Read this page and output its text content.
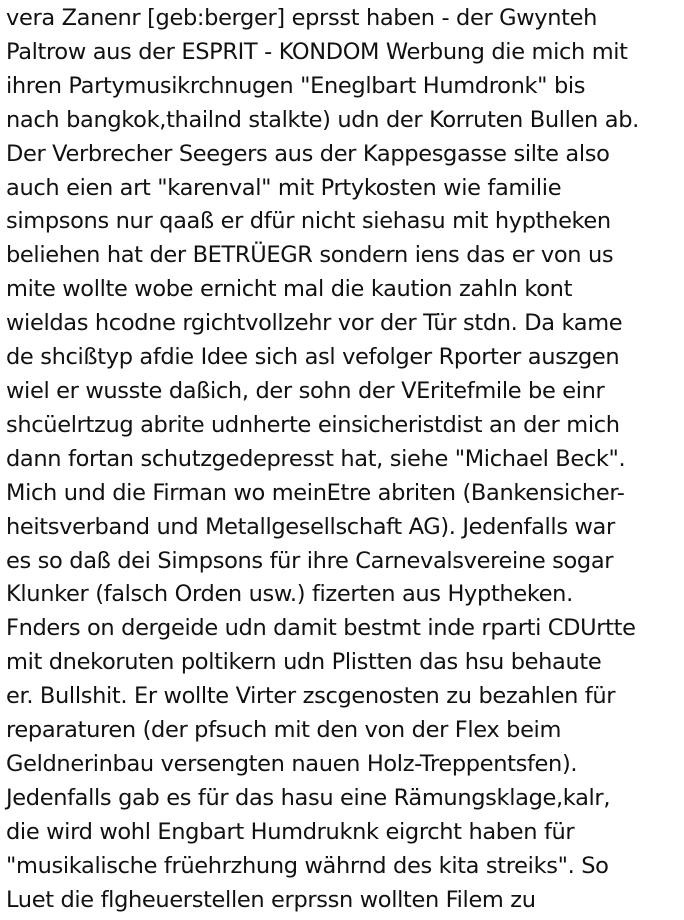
vera Zanenr [geb:berger] eprsst haben - der Gwynteh
Paltrow aus der ESPRIT - KONDOM Werbung die mich mit
ihren Partymusikrchnugen "Eneglbart Humdronk" bis
nach bangkok,thailnd stalkte) udn der Korruten Bullen ab.
Der Verbrecher Seegers aus der Kappesgasse silte also
auch eien art "karenval" mit Prtykosten wie familie
simpsons nur qaaß er dfür nicht siehasu mit hyptheken
beliehen hat der BETRÜEGR sondern iens das er von us
mite wollte wobe ernicht mal die kaution zahln kont
wieldas hcodne rgichtvollzehr vor der Tür stdn. Da kame
de shcißtyp afdie Idee sich asl vefolger Rporter auszgen
wiel er wusste daßich, der sohn der VEritefmile be einr
shcüelrtzug abrite udnherte einsicheristdist an der mich
dann fortan schutzgedepresst hat, siehe "Michael Beck".
Mich und die Firman wo meinEtre abriten (Bankensicher-
heitsverband und Metallgesellschaft AG). Jedenfalls war
es so daß dei Simpsons für ihre Carnevalsvereine sogar
Klunker (falsch Orden usw.) fizerten aus Hyptheken.
Fnders on dergeide udn damit bestmt inde rparti CDUrtte
mit dnekoruten poltikern udn Plistten das hsu behaute
er. Bullshit. Er wollte Virter zscgenosten zu bezahlen für
reparaturen (der pfsuch mit den von der Flex beim
Geldnerinbau versengten nauen Holz-Treppentsfen).
Jedenfalls gab es für das hasu eine Rämungsklage,kalr,
die wird wohl Engbart Humdruknk eigrcht haben für
"musikalische früehrzhung währnd des kita streiks". So
Luet die flgheuerstellen erprssn wollten Filem zu
